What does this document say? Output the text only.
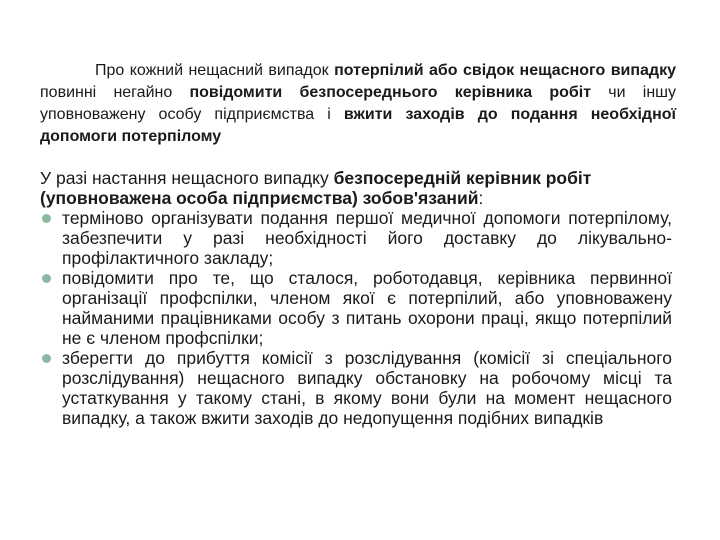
Про кожний нещасний випадок потерпілий або свідок нещасного випадку повинні негайно повідомити безпосереднього керівника робіт чи іншу уповноважену особу підприємства і вжити заходів до подання необхідної допомоги потерпілому

У разі настання нещасного випадку безпосередній керівник робіт (уповноважена особа підприємства) зобов'язаний:
терміново організувати подання першої медичної допомоги потерпілому, забезпечити у разі необхідності його доставку до лікувально-профілактичного закладу;
повідомити про те, що сталося, роботодавця, керівника первинної організації профспілки, членом якої є потерпілий, або уповноважену найманими працівниками особу з питань охорони праці, якщо потерпілий не є членом профспілки;
зберегти до прибуття комісії з розслідування (комісії зі спеціального розслідування) нещасного випадку обстановку на робочому місці та устаткування у такому стані, в якому вони були на момент нещасного випадку, а також вжити заходів до недопущення подібних випадків
